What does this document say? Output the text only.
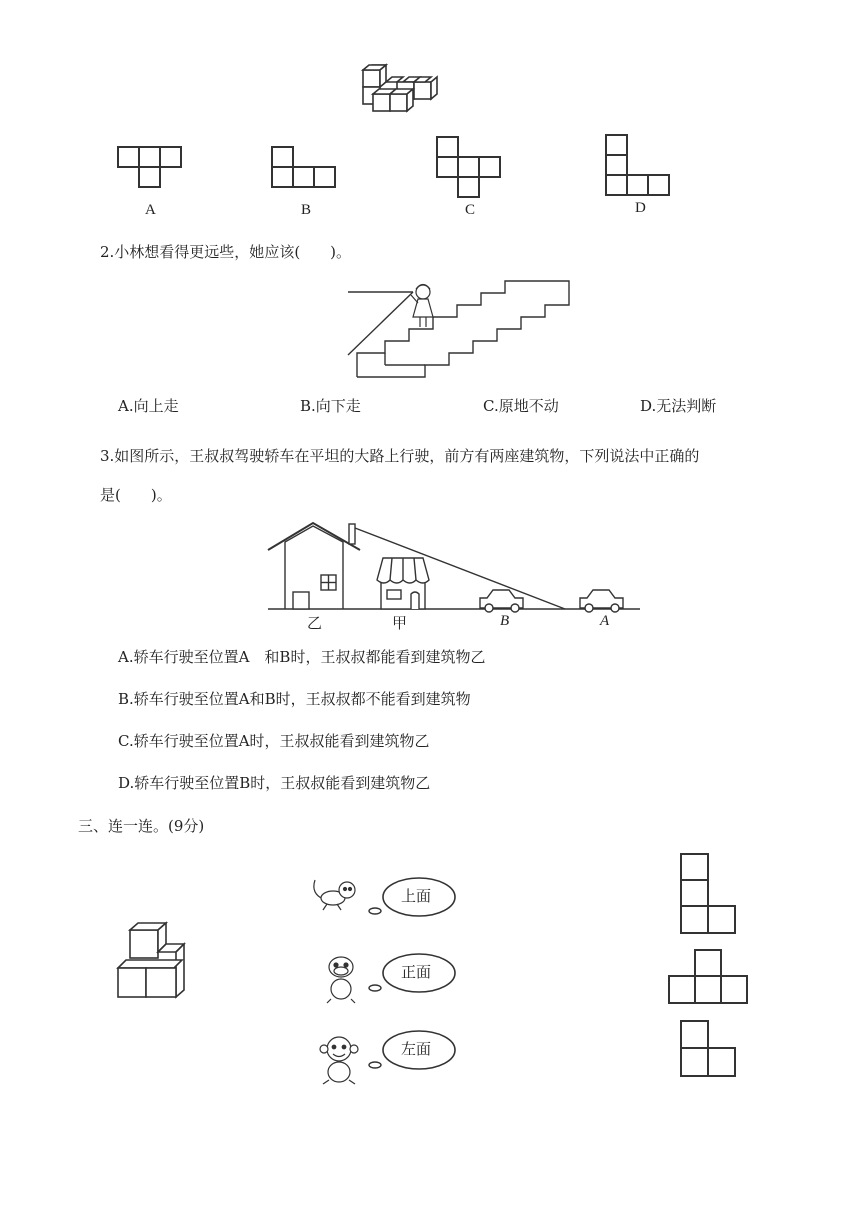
A	B	C	D
2.小林想看得更远些，她应该(　　)。
A.向上走	B.向下走	C.原地不动	D.无法判断
3.如图所示，王叔叔驾驶轿车在平坦的大路上行驶，前方有两座建筑物，下列说法中正确的
是(　　)。
乙	甲	B	A
A.轿车行驶至位置A　和B时，王叔叔都能看到建筑物乙
B.轿车行驶至位置A和B时，王叔叔都不能看到建筑物
C.轿车行驶至位置A时，王叔叔能看到建筑物乙
D.轿车行驶至位置B时，王叔叔能看到建筑物乙
三、连一连。(9分)
上面
正面
左面
